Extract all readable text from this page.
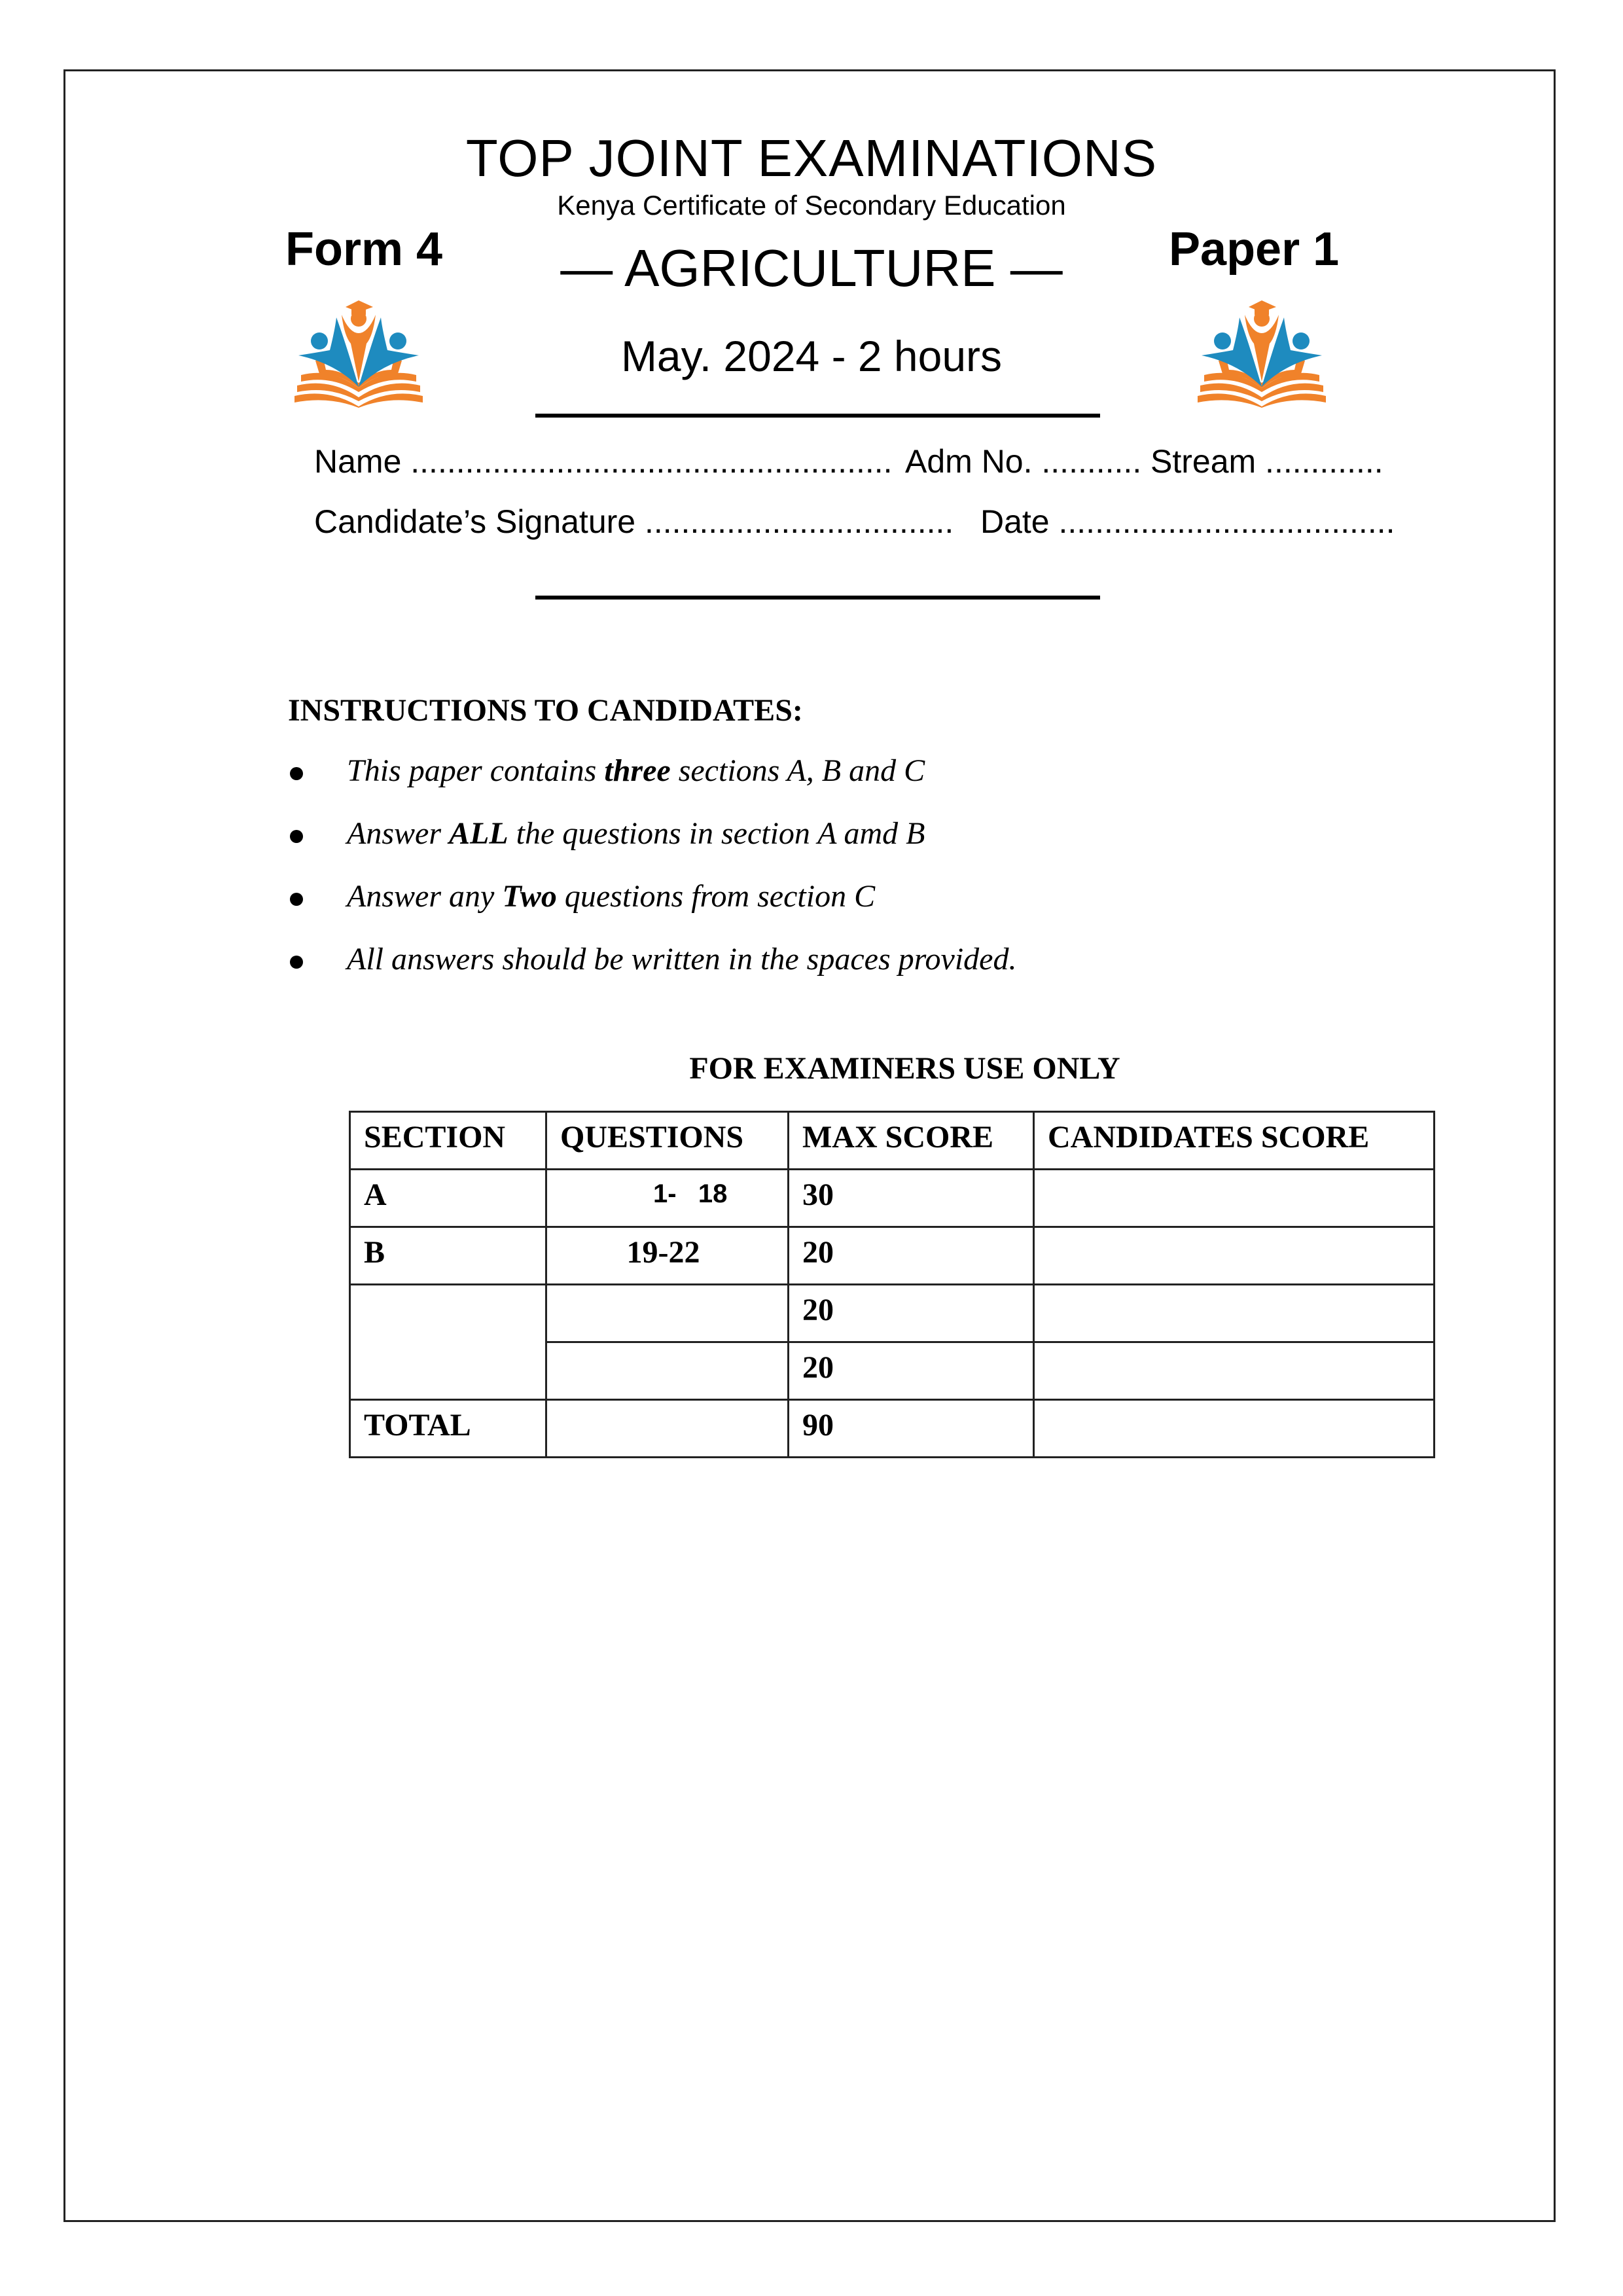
TOP JOINT EXAMINATIONS
Kenya Certificate of Secondary Education
Form 4	Paper 1
— AGRICULTURE —
May. 2024 - 2 hours
Name ..................................................... Adm No. ........... Stream .............
Candidate’s Signature .................................. Date .....................................
INSTRUCTIONS TO CANDIDATES:
This paper contains three sections A, B and C
Answer ALL the questions in section A amd B
Answer any Two questions from section C
All answers should be written in the spaces provided.
FOR EXAMINERS USE ONLY
SECTION	QUESTIONS	MAX SCORE	CANDIDATES SCORE
A	1-   18	30	
B	19-22	20	
		20	
		20	
TOTAL		90	
